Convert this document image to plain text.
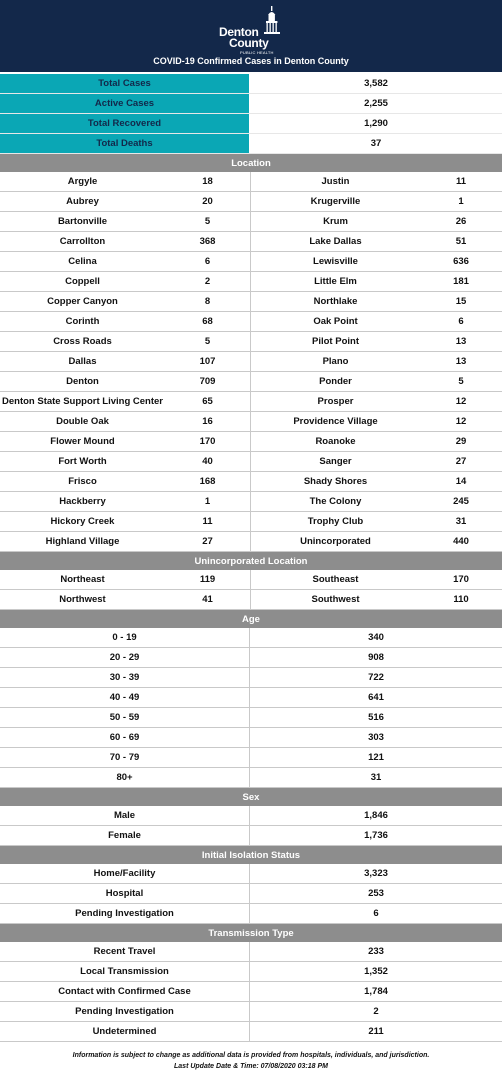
Denton
County
PUBLIC HEALTH
COVID-19 Confirmed Cases in Denton County
Total Cases	3,582
Active Cases	2,255
Total Recovered	1,290
Total Deaths	37
Location
Argyle	18	Justin	11
Aubrey	20	Krugerville	1
Bartonville	5	Krum	26
Carrollton	368	Lake Dallas	51
Celina	6	Lewisville	636
Coppell	2	Little Elm	181
Copper Canyon	8	Northlake	15
Corinth	68	Oak Point	6
Cross Roads	5	Pilot Point	13
Dallas	107	Plano	13
Denton	709	Ponder	5
Denton State Support Living Center	65	Prosper	12
Double Oak	16	Providence Village	12
Flower Mound	170	Roanoke	29
Fort Worth	40	Sanger	27
Frisco	168	Shady Shores	14
Hackberry	1	The Colony	245
Hickory Creek	11	Trophy Club	31
Highland Village	27	Unincorporated	440
Unincorporated Location
Northeast	119	Southeast	170
Northwest	41	Southwest	110
Age
0 - 19	340
20 - 29	908
30 - 39	722
40 - 49	641
50 - 59	516
60 - 69	303
70 - 79	121
80+	31
Sex
Male	1,846
Female	1,736
Initial Isolation Status
Home/Facility	3,323
Hospital	253
Pending Investigation	6
Transmission Type
Recent Travel	233
Local Transmission	1,352
Contact with Confirmed Case	1,784
Pending Investigation	2
Undetermined	211
Information is subject to change as additional data is provided from hospitals, individuals, and jurisdiction.
Last Update Date & Time: 07/08/2020 03:18 PM
